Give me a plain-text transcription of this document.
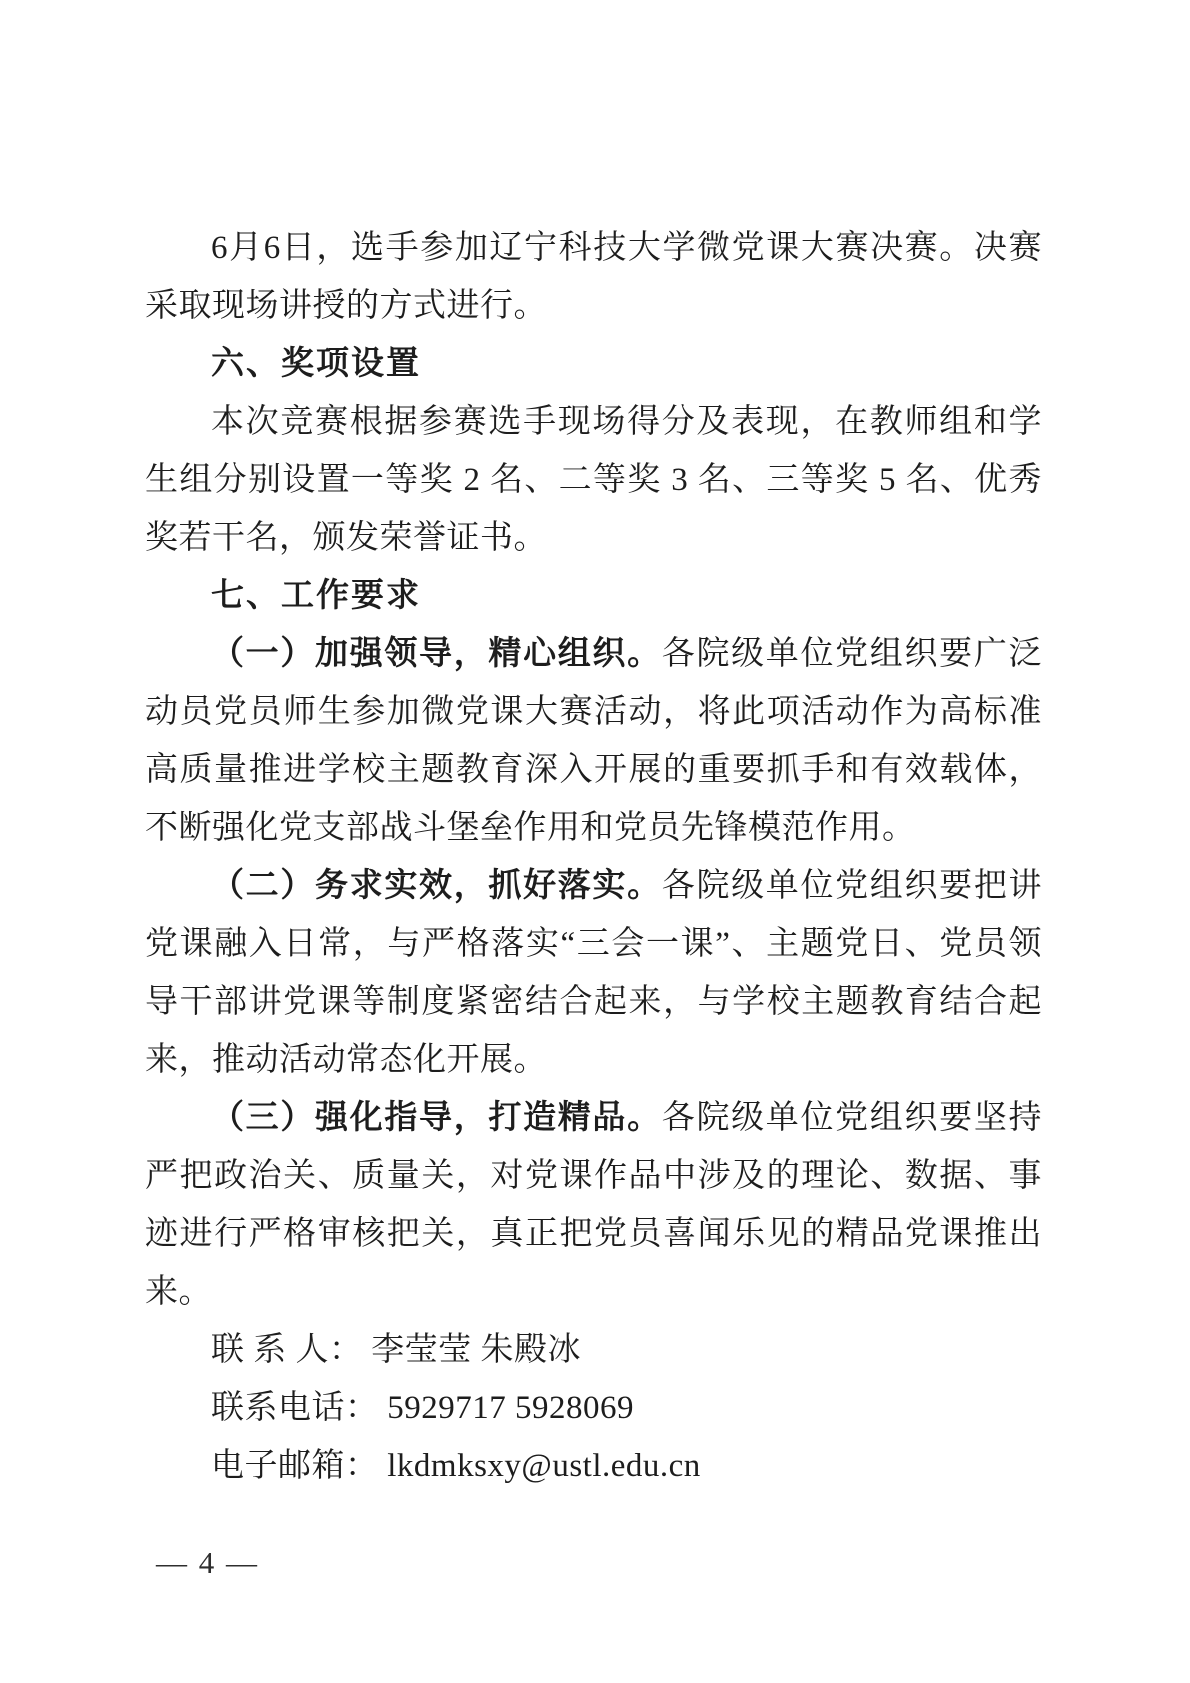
6月6日，选手参加辽宁科技大学微党课大赛决赛。决赛采取现场讲授的方式进行。

六、奖项设置

本次竞赛根据参赛选手现场得分及表现，在教师组和学生组分别设置一等奖 2 名、二等奖 3 名、三等奖 5 名、优秀奖若干名，颁发荣誉证书。

七、工作要求

（一）加强领导，精心组织。各院级单位党组织要广泛动员党员师生参加微党课大赛活动，将此项活动作为高标准高质量推进学校主题教育深入开展的重要抓手和有效载体，不断强化党支部战斗堡垒作用和党员先锋模范作用。

（二）务求实效，抓好落实。各院级单位党组织要把讲党课融入日常，与严格落实“三会一课”、主题党日、党员领导干部讲党课等制度紧密结合起来，与学校主题教育结合起来，推动活动常态化开展。

（三）强化指导，打造精品。各院级单位党组织要坚持严把政治关、质量关，对党课作品中涉及的理论、数据、事迹进行严格审核把关，真正把党员喜闻乐见的精品党课推出来。

联 系 人： 李莹莹 朱殿冰

联系电话： 5929717 5928069

电子邮箱： lkdmksxy@ustl.edu.cn

— 4 —
